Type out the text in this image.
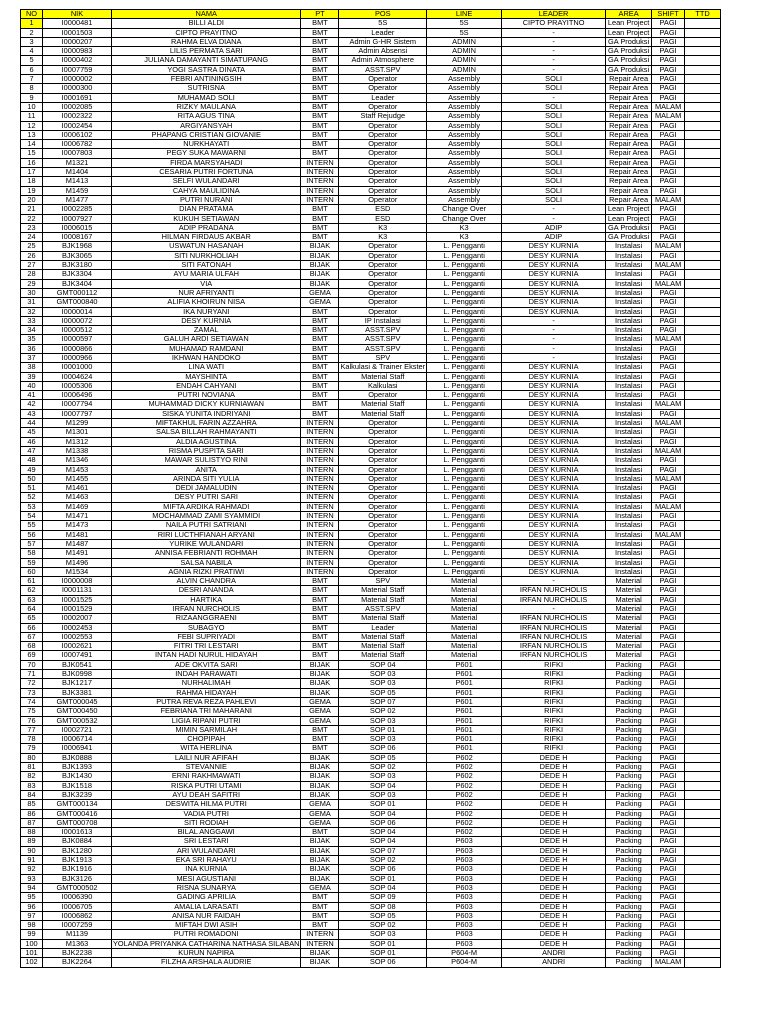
NO	NIK	NAMA	PT	POS	LINE	LEADER	AREA	SHIFT	TTD
1	I0000481	BILLI ALDI	BMT	5S	5S	CIPTO PRAYITNO	Lean Project	PAGI	
2	I0001503	CIPTO PRAYITNO	BMT	Leader	5S	-	Lean Project	PAGI	
3	I0000207	RAHMA ELVA DIANA	BMT	Admin G-HR Sistem	ADMIN	-	GA Produksi	PAGI	
4	I0000983	LILIS PERMATA SARI	BMT	Admin Absensi	ADMIN	-	GA Produksi	PAGI	
5	I0000402	JULIANA DAMAYANTI SIMATUPANG	BMT	Admin Atmosphere	ADMIN	-	GA Produksi	PAGI	
6	I0007759	YOGI SASTRA DINATA	BMT	ASST.SPV	ADMIN	-	GA Produksi	PAGI	
7	I0000002	FEBRI ANTININGSIH	BMT	Operator	Assembly	SOLI	Repair Area	PAGI	
8	I0000300	SUTRISNA	BMT	Operator	Assembly	SOLI	Repair Area	PAGI	
9	I0001691	MUHAMAD SOLI	BMT	Leader	Assembly	-	Repair Area	PAGI	
10	I0002085	RIZKY MAULANA	BMT	Operator	Assembly	SOLI	Repair Area	MALAM	
11	I0002322	RITA AGUS TINA	BMT	Staff Rejudge	Assembly	SOLI	Repair Area	MALAM	
12	I0002454	ARGIYANSYAH	BMT	Operator	Assembly	SOLI	Repair Area	PAGI	
13	I0006102	PHAPANG CRISTIAN GIOVANIE	BMT	Operator	Assembly	SOLI	Repair Area	PAGI	
14	I0006782	NURKHAYATI	BMT	Operator	Assembly	SOLI	Repair Area	PAGI	
15	I0007803	PEGY SUKA MAWARNI	BMT	Operator	Assembly	SOLI	Repair Area	PAGI	
16	M1321	FIRDA MARSYAHADI	INTERN	Operator	Assembly	SOLI	Repair Area	PAGI	
17	M1404	CESARIA PUTRI FORTUNA	INTERN	Operator	Assembly	SOLI	Repair Area	PAGI	
18	M1413	SELFI WULANDARI	INTERN	Operator	Assembly	SOLI	Repair Area	PAGI	
19	M1459	CAHYA MAULIDINA	INTERN	Operator	Assembly	SOLI	Repair Area	PAGI	
20	M1477	PUTRI NURANI	INTERN	Operator	Assembly	SOLI	Repair Area	MALAM	
21	I0002285	DIAN PRATAMA	BMT	ESD	Change Over	-	Lean Project	PAGI	
22	I0007927	KUKUH SETIAWAN	BMT	ESD	Change Over	-	Lean Project	PAGI	
23	I0006015	ADIP PRADANA	BMT	K3	K3	ADIP	GA Produksi	PAGI	
24	I0008167	HILMAN FIRDAUS AKBAR	BMT	K3	K3	ADIP	GA Produksi	PAGI	
25	BJK1968	USWATUN HASANAH	BIJAK	Operator	L. Pengganti	DESY KURNIA	Instalasi	MALAM	
26	BJK3065	SITI NURKHOLIAH	BIJAK	Operator	L. Pengganti	DESY KURNIA	Instalasi	PAGI	
27	BJK3180	SITI FATONAH	BIJAK	Operator	L. Pengganti	DESY KURNIA	Instalasi	MALAM	
28	BJK3304	AYU MARIA ULFAH	BIJAK	Operator	L. Pengganti	DESY KURNIA	Instalasi	PAGI	
29	BJK3404	VIA	BIJAK	Operator	L. Pengganti	DESY KURNIA	Instalasi	MALAM	
30	GMT000112	NUR AFRIYANTI	GEMA	Operator	L. Pengganti	DESY KURNIA	Instalasi	PAGI	
31	GMT000840	ALIFIA KHOIRUN NISA	GEMA	Operator	L. Pengganti	DESY KURNIA	Instalasi	PAGI	
32	I0000014	IKA NURYANI	BMT	Operator	L. Pengganti	DESY KURNIA	Instalasi	PAGI	
33	I0000072	DESY KURNIA	BMT	IP Instalasi	L. Pengganti	-	Instalasi	PAGI	
34	I0000512	ZAMAL	BMT	ASST.SPV	L. Pengganti	-	Instalasi	PAGI	
35	I0000597	GALUH ARDI SETIAWAN	BMT	ASST.SPV	L. Pengganti	-	Instalasi	MALAM	
36	I0000866	MUHAMAD RAMDANI	BMT	ASST.SPV	L. Pengganti	-	Instalasi	PAGI	
37	I0000966	IKHWAN HANDOKO	BMT	SPV	L. Pengganti	-	Instalasi	PAGI	
38	I0001000	LINA WATI	BMT	Kalkulasi & Trainer Ekster	L. Pengganti	DESY KURNIA	Instalasi	PAGI	
39	I0004624	MAYSHINTA	BMT	Material Staff	L. Pengganti	DESY KURNIA	Instalasi	PAGI	
40	I0005306	ENDAH CAHYANI	BMT	Kalkulasi	L. Pengganti	DESY KURNIA	Instalasi	PAGI	
41	I0006496	PUTRI NOVIANA	BMT	Operator	L. Pengganti	DESY KURNIA	Instalasi	PAGI	
42	I0007794	MUHAMMAD DICKY KURNIAWAN	BMT	Material Staff	L. Pengganti	DESY KURNIA	Instalasi	MALAM	
43	I0007797	SISKA YUNITA INDRIYANI	BMT	Material Staff	L. Pengganti	DESY KURNIA	Instalasi	PAGI	
44	M1299	MIFTAKHUL FARIN AZZAHRA	INTERN	Operator	L. Pengganti	DESY KURNIA	Instalasi	MALAM	
45	M1301	SALSA BILLAH RAHMAYANTI	INTERN	Operator	L. Pengganti	DESY KURNIA	Instalasi	PAGI	
46	M1312	ALDIA AGUSTINA	INTERN	Operator	L. Pengganti	DESY KURNIA	Instalasi	PAGI	
47	M1338	RISMA PUSPITA SARI	INTERN	Operator	L. Pengganti	DESY KURNIA	Instalasi	MALAM	
48	M1346	MAWAR SULISTYO RINI	INTERN	Operator	L. Pengganti	DESY KURNIA	Instalasi	PAGI	
49	M1453	ANITA	INTERN	Operator	L. Pengganti	DESY KURNIA	Instalasi	PAGI	
50	M1455	ARINDA SITI YULIA	INTERN	Operator	L. Pengganti	DESY KURNIA	Instalasi	MALAM	
51	M1461	DEDI JAMALUDIN	INTERN	Operator	L. Pengganti	DESY KURNIA	Instalasi	PAGI	
52	M1463	DESY PUTRI SARI	INTERN	Operator	L. Pengganti	DESY KURNIA	Instalasi	PAGI	
53	M1469	MIFTA ARDIKA RAHMADI	INTERN	Operator	L. Pengganti	DESY KURNIA	Instalasi	MALAM	
54	M1471	MOCHAMMAD ZAMI SYAMMIDI	INTERN	Operator	L. Pengganti	DESY KURNIA	Instalasi	PAGI	
55	M1473	NAILA PUTRI SATRIANI	INTERN	Operator	L. Pengganti	DESY KURNIA	Instalasi	PAGI	
56	M1481	RIRI LUCTHFIANAH ARYANI	INTERN	Operator	L. Pengganti	DESY KURNIA	Instalasi	MALAM	
57	M1487	YURIKE WULANDARI	INTERN	Operator	L. Pengganti	DESY KURNIA	Instalasi	PAGI	
58	M1491	ANNISA FEBRIANTI ROHMAH	INTERN	Operator	L. Pengganti	DESY KURNIA	Instalasi	PAGI	
59	M1496	SALSA NABILA	INTERN	Operator	L. Pengganti	DESY KURNIA	Instalasi	PAGI	
60	M1534	AGNIA RIZKI PRATIWI	INTERN	Operator	L. Pengganti	DESY KURNIA	Instalasi	PAGI	
61	I0000008	ALVIN CHANDRA	BMT	SPV	Material	-	Material	PAGI	
62	I0001131	DESRI ANANDA	BMT	Material Staff	Material	IRFAN NURCHOLIS	Material	PAGI	
63	I0001525	HARTIKA	BMT	Material Staff	Material	IRFAN NURCHOLIS	Material	PAGI	
64	I0001529	IRFAN NURCHOLIS	BMT	ASST.SPV	Material	-	Material	PAGI	
65	I0002007	RIZAANGGRAENI	BMT	Material Staff	Material	IRFAN NURCHOLIS	Material	PAGI	
66	I0002453	SUBAGYO	BMT	Leader	Material	IRFAN NURCHOLIS	Material	PAGI	
67	I0002553	FEBI SUPRIYADI	BMT	Material Staff	Material	IRFAN NURCHOLIS	Material	PAGI	
68	I0002621	FITRI TRI LESTARI	BMT	Material Staff	Material	IRFAN NURCHOLIS	Material	PAGI	
69	I0007491	INTAN HADI NURUL HIDAYAH	BMT	Material Staff	Material	IRFAN NURCHOLIS	Material	PAGI	
70	BJK0541	ADE OKVITA SARI	BIJAK	SOP 04	P601	RIFKI	Packing	PAGI	
71	BJK0998	INDAH PARAWATI	BIJAK	SOP 03	P601	RIFKI	Packing	PAGI	
72	BJK1217	NURHALIMAH	BIJAK	SOP 03	P601	RIFKI	Packing	PAGI	
73	BJK3381	RAHMA HIDAYAH	BIJAK	SOP 05	P601	RIFKI	Packing	PAGI	
74	GMT000045	PUTRA REVA REZA PAHLEVI	GEMA	SOP 07	P601	RIFKI	Packing	PAGI	
75	GMT000450	FEBRIANA TRI MAHARANI	GEMA	SOP 02	P601	RIFKI	Packing	PAGI	
76	GMT000532	LIGIA RIPANI PUTRI	GEMA	SOP 03	P601	RIFKI	Packing	PAGI	
77	I0002721	MIMIN SARMILAH	BMT	SOP 01	P601	RIFKI	Packing	PAGI	
78	I0006714	CHOPIPAH	BMT	SOP 03	P601	RIFKI	Packing	PAGI	
79	I0006941	WITA HERLINA	BMT	SOP 06	P601	RIFKI	Packing	PAGI	
80	BJK0888	LAILI NUR AFIFAH	BIJAK	SOP 05	P602	DEDE H	Packing	PAGI	
81	BJK1393	STEVANNIE	BIJAK	SOP 02	P602	DEDE H	Packing	PAGI	
82	BJK1430	ERNI RAKHMAWATI	BIJAK	SOP 03	P602	DEDE H	Packing	PAGI	
83	BJK1518	RISKA PUTRI UTAMI	BIJAK	SOP 04	P602	DEDE H	Packing	PAGI	
84	BJK3239	AYU DEAH SAFITRI	BIJAK	SOP 03	P602	DEDE H	Packing	PAGI	
85	GMT000134	DESWITA HILMA PUTRI	GEMA	SOP 01	P602	DEDE H	Packing	PAGI	
86	GMT000416	VADIA PUTRI	GEMA	SOP 04	P602	DEDE H	Packing	PAGI	
87	GMT000708	SITI RODIAH	GEMA	SOP 06	P602	DEDE H	Packing	PAGI	
88	I0001613	BILAL ANGGAWI	BMT	SOP 04	P602	DEDE H	Packing	PAGI	
89	BJK0884	SRI LESTARI	BIJAK	SOP 04	P603	DEDE H	Packing	PAGI	
90	BJK1280	ARI WULANDARI	BIJAK	SOP 07	P603	DEDE H	Packing	PAGI	
91	BJK1913	EKA SRI RAHAYU	BIJAK	SOP 02	P603	DEDE H	Packing	PAGI	
92	BJK1916	INA KURNIA	BIJAK	SOP 06	P603	DEDE H	Packing	PAGI	
93	BJK3126	MESI AGUSTIANI	BIJAK	SOP 01	P603	DEDE H	Packing	PAGI	
94	GMT000502	RISNA SUNARYA	GEMA	SOP 04	P603	DEDE H	Packing	PAGI	
95	I0006390	GADING APRILIA	BMT	SOP 09	P603	DEDE H	Packing	PAGI	
96	I0006705	AMALIA LARASATI	BMT	SOP 08	P603	DEDE H	Packing	PAGI	
97	I0006862	ANISA NUR FAIDAH	BMT	SOP 05	P603	DEDE H	Packing	PAGI	
98	I0007259	MIFTAH DWI ASIH	BMT	SOP 02	P603	DEDE H	Packing	PAGI	
99	M1139	PUTRI ROMADONI	INTERN	SOP 03	P603	DEDE H	Packing	PAGI	
100	M1363	YOLANDA PRIYANKA CATHARINA NATHASA SILABAN	INTERN	SOP 01	P603	DEDE H	Packing	PAGI	
101	BJK2238	KURUN NAPIRA	BIJAK	SOP 01	P604-M	ANDRI	Packing	PAGI	
102	BJK2264	FILZHA ARSHALA AUDRIE	BIJAK	SOP 06	P604-M	ANDRI	Packing	MALAM	
